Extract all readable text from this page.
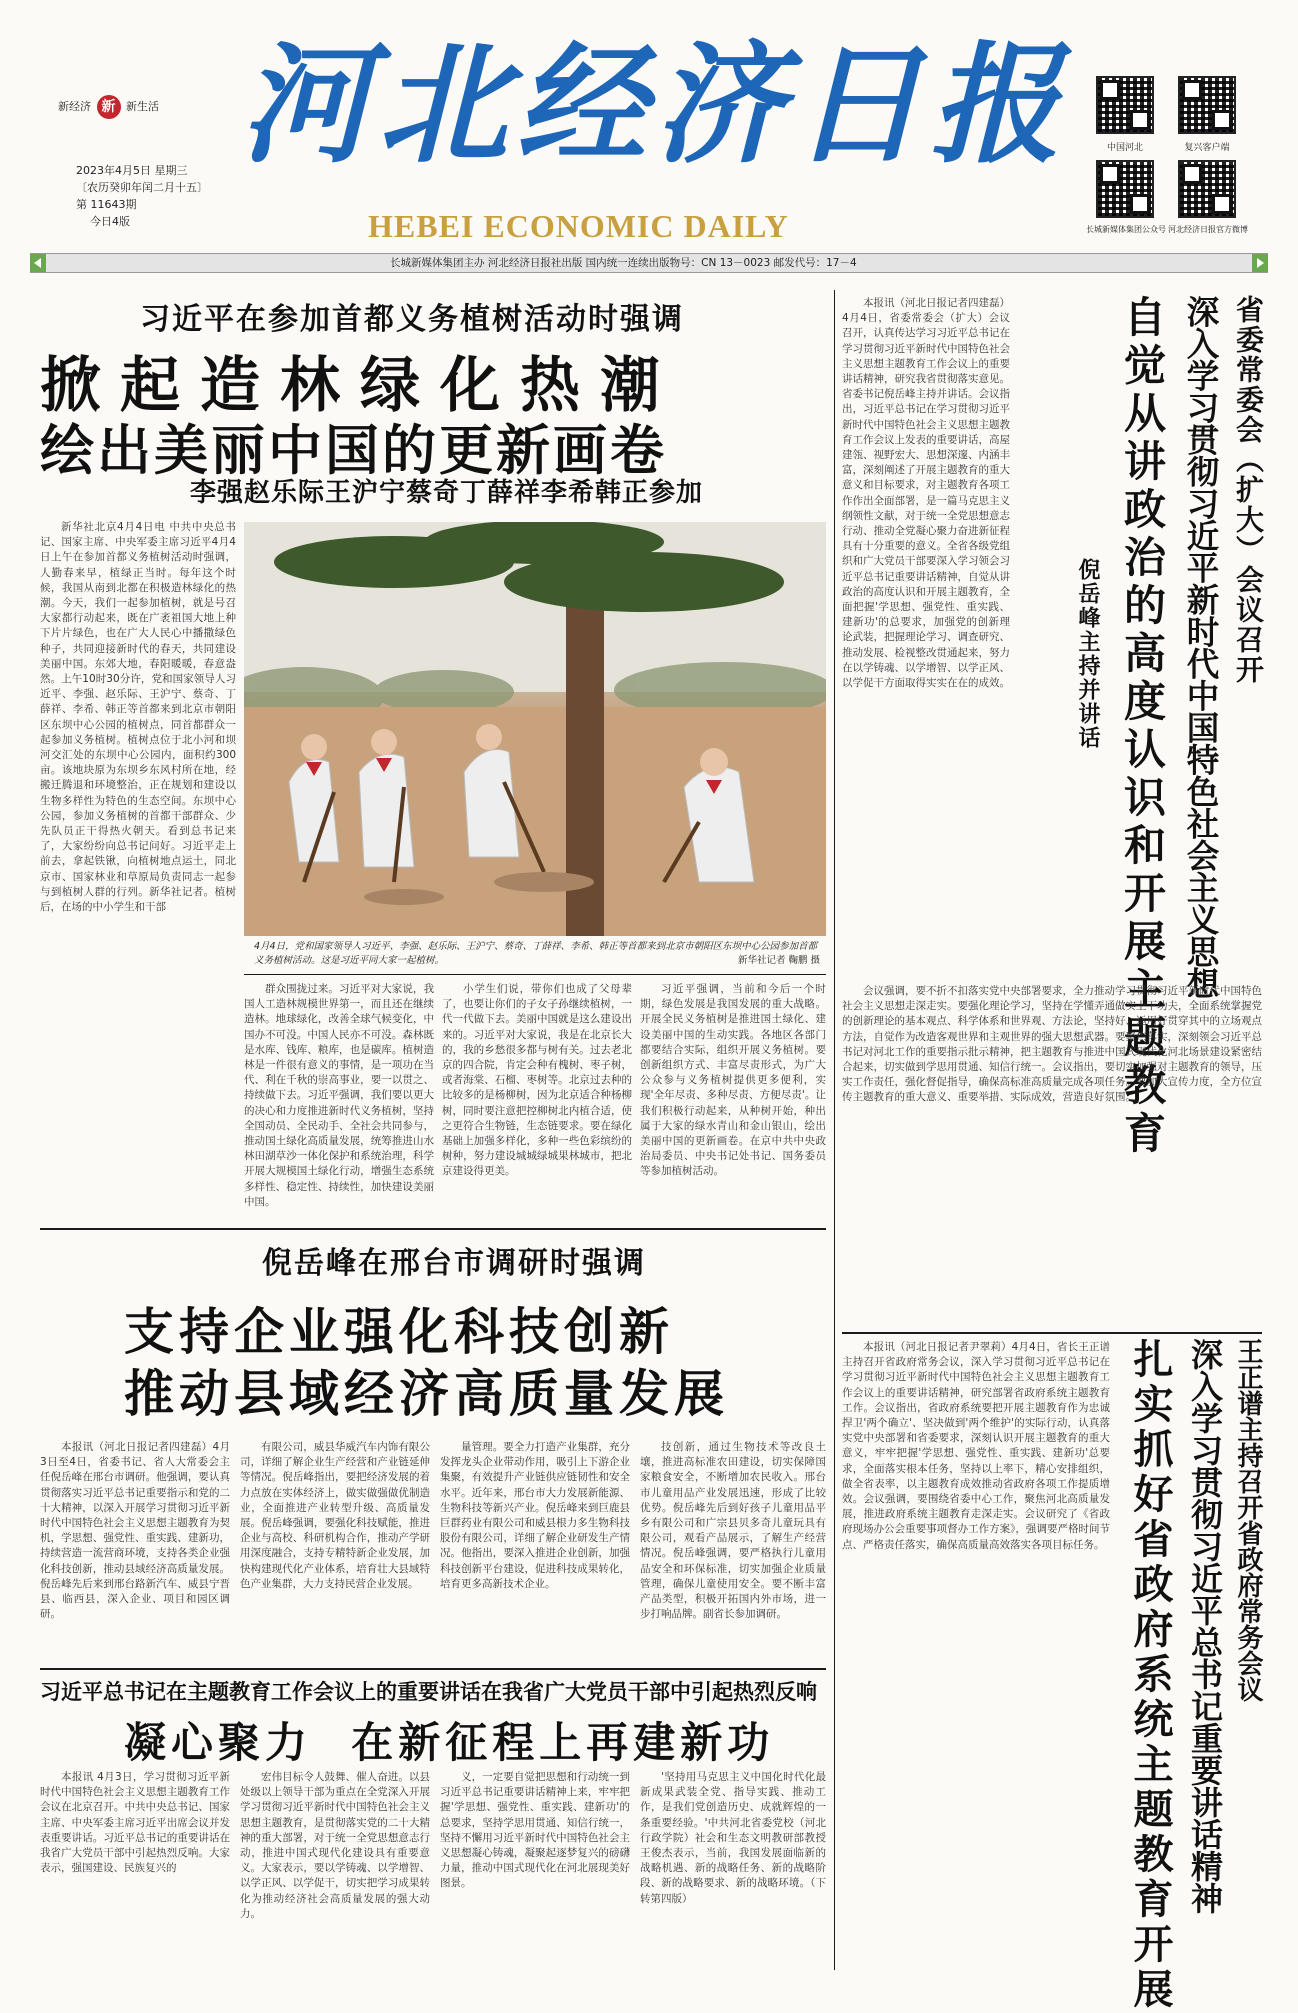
新经济 新 新生活 河北经济日报
HEBEI ECONOMIC DAILY
2023年4月5日 星期三
〔农历癸卯年闰二月十五〕
第 11643期
今日4版
中国河北	复兴客户端
长城新媒体集团公众号 河北经济日报官方微博
长城新媒体集团主办 河北经济日报社出版 国内统一连续出版物号：CN 13－0023 邮发代号：17－4
习近平在参加首都义务植树活动时强调
掀起造林绿化热潮
绘出美丽中国的更新画卷
李强赵乐际王沪宁蔡奇丁薛祥李希韩正参加

新华社北京4月4日电 中共中央总书记、国家主席、中央军委主席习近平4月4日上午在参加首都义务植树活动时强调，人勤春来早，植绿正当时。每年这个时候，我国从南到北都在积极造林绿化的热潮。今天，我们一起参加植树，就是号召大家都行动起来，既在广袤祖国大地上种下片片绿色，也在广大人民心中播撒绿色种子，共同迎接新时代的春天，共同建设美丽中国。东郊大地，春阳暖暖，春意盎然。上午10时30分许，党和国家领导人习近平、李强、赵乐际、王沪宁、蔡奇、丁薛祥、李希、韩正等首都来到北京市朝阳区东坝中心公园的植树点，同首都群众一起参加义务植树。植树点位于北小河和坝河交汇处的东坝中心公园内，面积约300亩。该地块原为东坝乡东风村所在地，经搬迁腾退和环境整治，正在规划和建设以生物多样性为特色的生态空间。东坝中心公园，参加义务植树的首都干部群众、少先队员正干得热火朝天。看到总书记来了，大家纷纷向总书记问好。习近平走上前去，拿起铁锹，向植树地点运土，同北京市、国家林业和草原局负责同志一起参与到植树人群的行列。新华社记者。植树后，在场的中小学生和干部

4月4日，党和国家领导人习近平、李强、赵乐际、王沪宁、蔡奇、丁薛祥、李希、韩正等首都来到北京市朝阳区东坝中心公园参加首都义务植树活动。这是习近平同大家一起植树。	新华社记者 鞠鹏 摄

群众围拢过来。习近平对大家说，我国人工造林规模世界第一，而且还在继续造林。地球绿化，改善全球气候变化，中国办不可没。中国人民亦不可没。森林既是水库、钱库、粮库，也是碳库。植树造林是一件很有意义的事情，是一项功在当代、利在千秋的崇高事业，要一以贯之、持续做下去。习近平强调，我们要以更大的决心和力度推进新时代义务植树，坚持全国动员、全民动手、全社会共同参与，推动国土绿化高质量发展，统筹推进山水林田湖草沙一体化保护和系统治理，科学开展大规模国土绿化行动，增强生态系统多样性、稳定性、持续性，加快建设美丽中国。

小学生们说，带你们也成了父母辈了，也要让你们的子女子孙继续植树，一代一代做下去。美丽中国就是这么建设出来的。习近平对大家说，我是在北京长大的，我的乡愁很多都与树有关。过去老北京的四合院，肯定会种有槐树、枣子树，或者海棠、石榴、枣树等。北京过去种的比较多的是杨柳树，因为北京适合种杨柳树，同时要注意把控柳树北内植合适，使之更符合生物链，生态链要求。要在绿化基础上加强多样化，多种一些色彩缤纷的树种，努力建设城城绿城果林城市，把北京建设得更美。

习近平强调，当前和今后一个时期，绿色发展是我国发展的重大战略。开展全民义务植树是推进国土绿化、建设美丽中国的生动实践。各地区各部门都要结合实际，组织开展义务植树。要创新组织方式、丰富尽责形式，为广大公众参与义务植树提供更多便利，实现'全年尽责、多种尽责、方便尽责'。让我们积极行动起来，从种树开始，种出属于大家的绿水青山和金山银山，绘出美丽中国的更新画卷。在京中共中央政治局委员、中央书记处书记、国务委员等参加植树活动。

倪岳峰在邢台市调研时强调
支持企业强化科技创新
推动县域经济高质量发展

本报讯（河北日报记者四建磊）4月3日至4日，省委书记、省人大常委会主任倪岳峰在邢台市调研。他强调，要认真贯彻落实习近平总书记重要指示和党的二十大精神，以深入开展学习贯彻习近平新时代中国特色社会主义思想主题教育为契机，学思想、强党性、重实践、建新功，持续营造一流营商环境，支持各类企业强化科技创新，推动县域经济高质量发展。倪岳峰先后来到邢台路新汽车、威县宁晋县、临西县，深入企业、项目和园区调研。

有限公司，威县华威汽车内饰有限公司，详细了解企业生产经营和产业链延伸等情况。倪岳峰指出，要把经济发展的着力点放在实体经济上，做实做强做优制造业，全面推进产业转型升级、高质量发展。倪岳峰强调，要强化科技赋能，推进企业与高校、科研机构合作，推动产学研用深度融合，支持专精特新企业发展，加快构建现代化产业体系，培育壮大县域特色产业集群，大力支持民营企业发展。

量管理。要全力打造产业集群，充分发挥龙头企业带动作用，吸引上下游企业集聚，有效提升产业链供应链韧性和安全水平。近年来，邢台市大力发展新能源、生物科技等新兴产业。倪岳峰来到巨鹿县巨群药业有限公司和威县根力多生物科技股份有限公司，详细了解企业研发生产情况。他指出，要深入推进企业创新，加强科技创新平台建设，促进科技成果转化，培育更多高新技术企业。

技创新，通过生物技术等改良土壤，推进高标准农田建设，切实保障国家粮食安全，不断增加农民收入。邢台市儿童用品产业发展迅速，形成了比较优势。倪岳峰先后到好孩子儿童用品平乡有限公司和广宗县贝多奇儿童玩具有限公司，观看产品展示，了解生产经营情况。倪岳峰强调，要严格执行儿童用品安全和环保标准，切实加强企业质量管理，确保儿童使用安全。要不断丰富产品类型，积极开拓国内外市场，进一步打响品牌。副省长参加调研。

习近平总书记在主题教育工作会议上的重要讲话在我省广大党员干部中引起热烈反响
凝心聚力  在新征程上再建新功

本报讯 4月3日，学习贯彻习近平新时代中国特色社会主义思想主题教育工作会议在北京召开。中共中央总书记、国家主席、中央军委主席习近平出席会议并发表重要讲话。习近平总书记的重要讲话在我省广大党员干部中引起热烈反响。大家表示，强国建设、民族复兴的

宏伟目标令人鼓舞、催人奋进。以县处级以上领导干部为重点在全党深入开展学习贯彻习近平新时代中国特色社会主义思想主题教育，是贯彻落实党的二十大精神的重大部署，对于统一全党思想意志行动，推进中国式现代化建设具有重要意义。大家表示，要以学铸魂、以学增智、以学正风、以学促干，切实把学习成果转化为推动经济社会高质量发展的强大动力。

义，一定要自觉把思想和行动统一到习近平总书记重要讲话精神上来，牢牢把握'学思想、强党性、重实践、建新功'的总要求，坚持学思用贯通、知信行统一，坚持不懈用习近平新时代中国特色社会主义思想凝心铸魂，凝聚起逐梦复兴的磅礴力量，推动中国式现代化在河北展现美好图景。

'坚持用马克思主义中国化时代化最新成果武装全党、指导实践、推动工作，是我们党创造历史、成就辉煌的一条重要经验。'中共河北省委党校（河北行政学院）社会和生态文明教研部教授王俊杰表示，当前，我国发展面临新的战略机遇、新的战略任务、新的战略阶段、新的战略要求、新的战略环境。（下转第四版）

省委常委会（扩大）会议召开
深入学习贯彻习近平新时代中国特色社会主义思想
自觉从讲政治的高度认识和开展主题教育
倪岳峰主持并讲话

本报讯（河北日报记者四建磊）4月4日，省委常委会（扩大）会议召开，认真传达学习习近平总书记在学习贯彻习近平新时代中国特色社会主义思想主题教育工作会议上的重要讲话精神，研究我省贯彻落实意见。省委书记倪岳峰主持并讲话。会议指出，习近平总书记在学习贯彻习近平新时代中国特色社会主义思想主题教育工作会议上发表的重要讲话，高屋建瓴、视野宏大、思想深邃、内涵丰富，深刻阐述了开展主题教育的重大意义和目标要求，对主题教育各项工作作出全面部署，是一篇马克思主义纲领性文献，对于统一全党思想意志行动、推动全党凝心聚力奋进新征程具有十分重要的意义。全省各级党组织和广大党员干部要深入学习领会习近平总书记重要讲话精神，自觉从讲政治的高度认识和开展主题教育，全面把握'学思想、强党性、重实践、建新功'的总要求，加强党的创新理论武装，把握理论学习、调查研究、推动发展、检视整改贯通起来，努力在以学铸魂、以学增智、以学正风、以学促干方面取得实实在在的成效。

会议强调，要不折不扣落实党中央部署要求，全力推动学习贯彻习近平新时代中国特色社会主义思想走深走实。要强化理论学习，坚持在学懂弄通做实上下功夫，全面系统掌握党的创新理论的基本观点、科学体系和世界观、方法论，坚持好、运用好贯穿其中的立场观点方法，自觉作为改造客观世界和主观世界的强大思想武器。要聚焦落实，深刻领会习近平总书记对河北工作的重要指示批示精神，把主题教育与推进中国式现代化河北场景建设紧密结合起来，切实做到学思用贯通、知信行统一。会议指出，要切实加强对主题教育的领导，压实工作责任，强化督促指导，确保高标准高质量完成各项任务。要加大宣传力度，全方位宣传主题教育的重大意义、重要举措、实际成效，营造良好氛围。

王正谱主持召开省政府常务会议
深入学习贯彻习近平总书记重要讲话精神
扎实抓好省政府系统主题教育开展

本报讯（河北日报记者尹翠莉）4月4日，省长王正谱主持召开省政府常务会议，深入学习贯彻习近平总书记在学习贯彻习近平新时代中国特色社会主义思想主题教育工作会议上的重要讲话精神，研究部署省政府系统主题教育工作。会议指出，省政府系统要把开展主题教育作为忠诚捍卫'两个确立'、坚决做到'两个维护'的实际行动，认真落实党中央部署和省委要求，深刻认识开展主题教育的重大意义，牢牢把握'学思想、强党性、重实践、建新功'总要求，全面落实根本任务，坚持以上率下，精心安排组织，做全省表率，以主题教育成效推动省政府各项工作提质增效。会议强调，要围绕省委中心工作，聚焦河北高质量发展，推进政府系统主题教育走深走实。会议研究了《省政府现场办公会重要事项督办工作方案》，强调要严格时间节点、严格责任落实，确保高质量高效落实各项目标任务。
